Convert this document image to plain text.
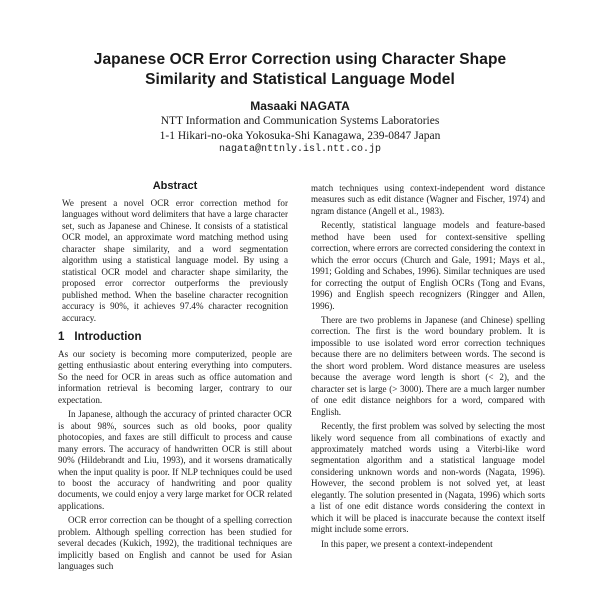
Japanese OCR Error Correction using Character Shape
Similarity and Statistical Language Model
Masaaki NAGATA
NTT Information and Communication Systems Laboratories
1-1 Hikari-no-oka Yokosuka-Shi Kanagawa, 239-0847 Japan
nagata@nttnly.isl.ntt.co.jp
Abstract

We present a novel OCR error correction method for languages without word delimiters that have a large character set, such as Japanese and Chinese. It consists of a statistical OCR model, an approximate word matching method using character shape similarity, and a word segmentation algorithm using a statistical language model. By using a statistical OCR model and character shape similarity, the proposed error corrector outperforms the previously published method. When the baseline character recognition accuracy is 90%, it achieves 97.4% character recognition accuracy.

1 Introduction

As our society is becoming more computerized, people are getting enthusiastic about entering everything into computers. So the need for OCR in areas such as office automation and information retrieval is becoming larger, contrary to our expectation.

In Japanese, although the accuracy of printed character OCR is about 98%, sources such as old books, poor quality photocopies, and faxes are still difficult to process and cause many errors. The accuracy of handwritten OCR is still about 90% (Hildebrandt and Liu, 1993), and it worsens dramatically when the input quality is poor. If NLP techniques could be used to boost the accuracy of handwriting and poor quality documents, we could enjoy a very large market for OCR related applications.

OCR error correction can be thought of a spelling correction problem. Although spelling correction has been studied for several decades (Kukich, 1992), the traditional techniques are implicitly based on English and cannot be used for Asian languages such

match techniques using context-independent word distance measures such as edit distance (Wagner and Fischer, 1974) and ngram distance (Angell et al., 1983).

Recently, statistical language models and feature-based method have been used for context-sensitive spelling correction, where errors are corrected considering the context in which the error occurs (Church and Gale, 1991; Mays et al., 1991; Golding and Schabes, 1996). Similar techniques are used for correcting the output of English OCRs (Tong and Evans, 1996) and English speech recognizers (Ringger and Allen, 1996).

There are two problems in Japanese (and Chinese) spelling correction. The first is the word boundary problem. It is impossible to use isolated word error correction techniques because there are no delimiters between words. The second is the short word problem. Word distance measures are useless because the average word length is short (< 2), and the character set is large (> 3000). There are a much larger number of one edit distance neighbors for a word, compared with English.

Recently, the first problem was solved by selecting the most likely word sequence from all combinations of exactly and approximately matched words using a Viterbi-like word segmentation algorithm and a statistical language model considering unknown words and non-words (Nagata, 1996). However, the second problem is not solved yet, at least elegantly. The solution presented in (Nagata, 1996) which sorts a list of one edit distance words considering the context in which it will be placed is inaccurate because the context itself might include some errors.

In this paper, we present a context-independent
